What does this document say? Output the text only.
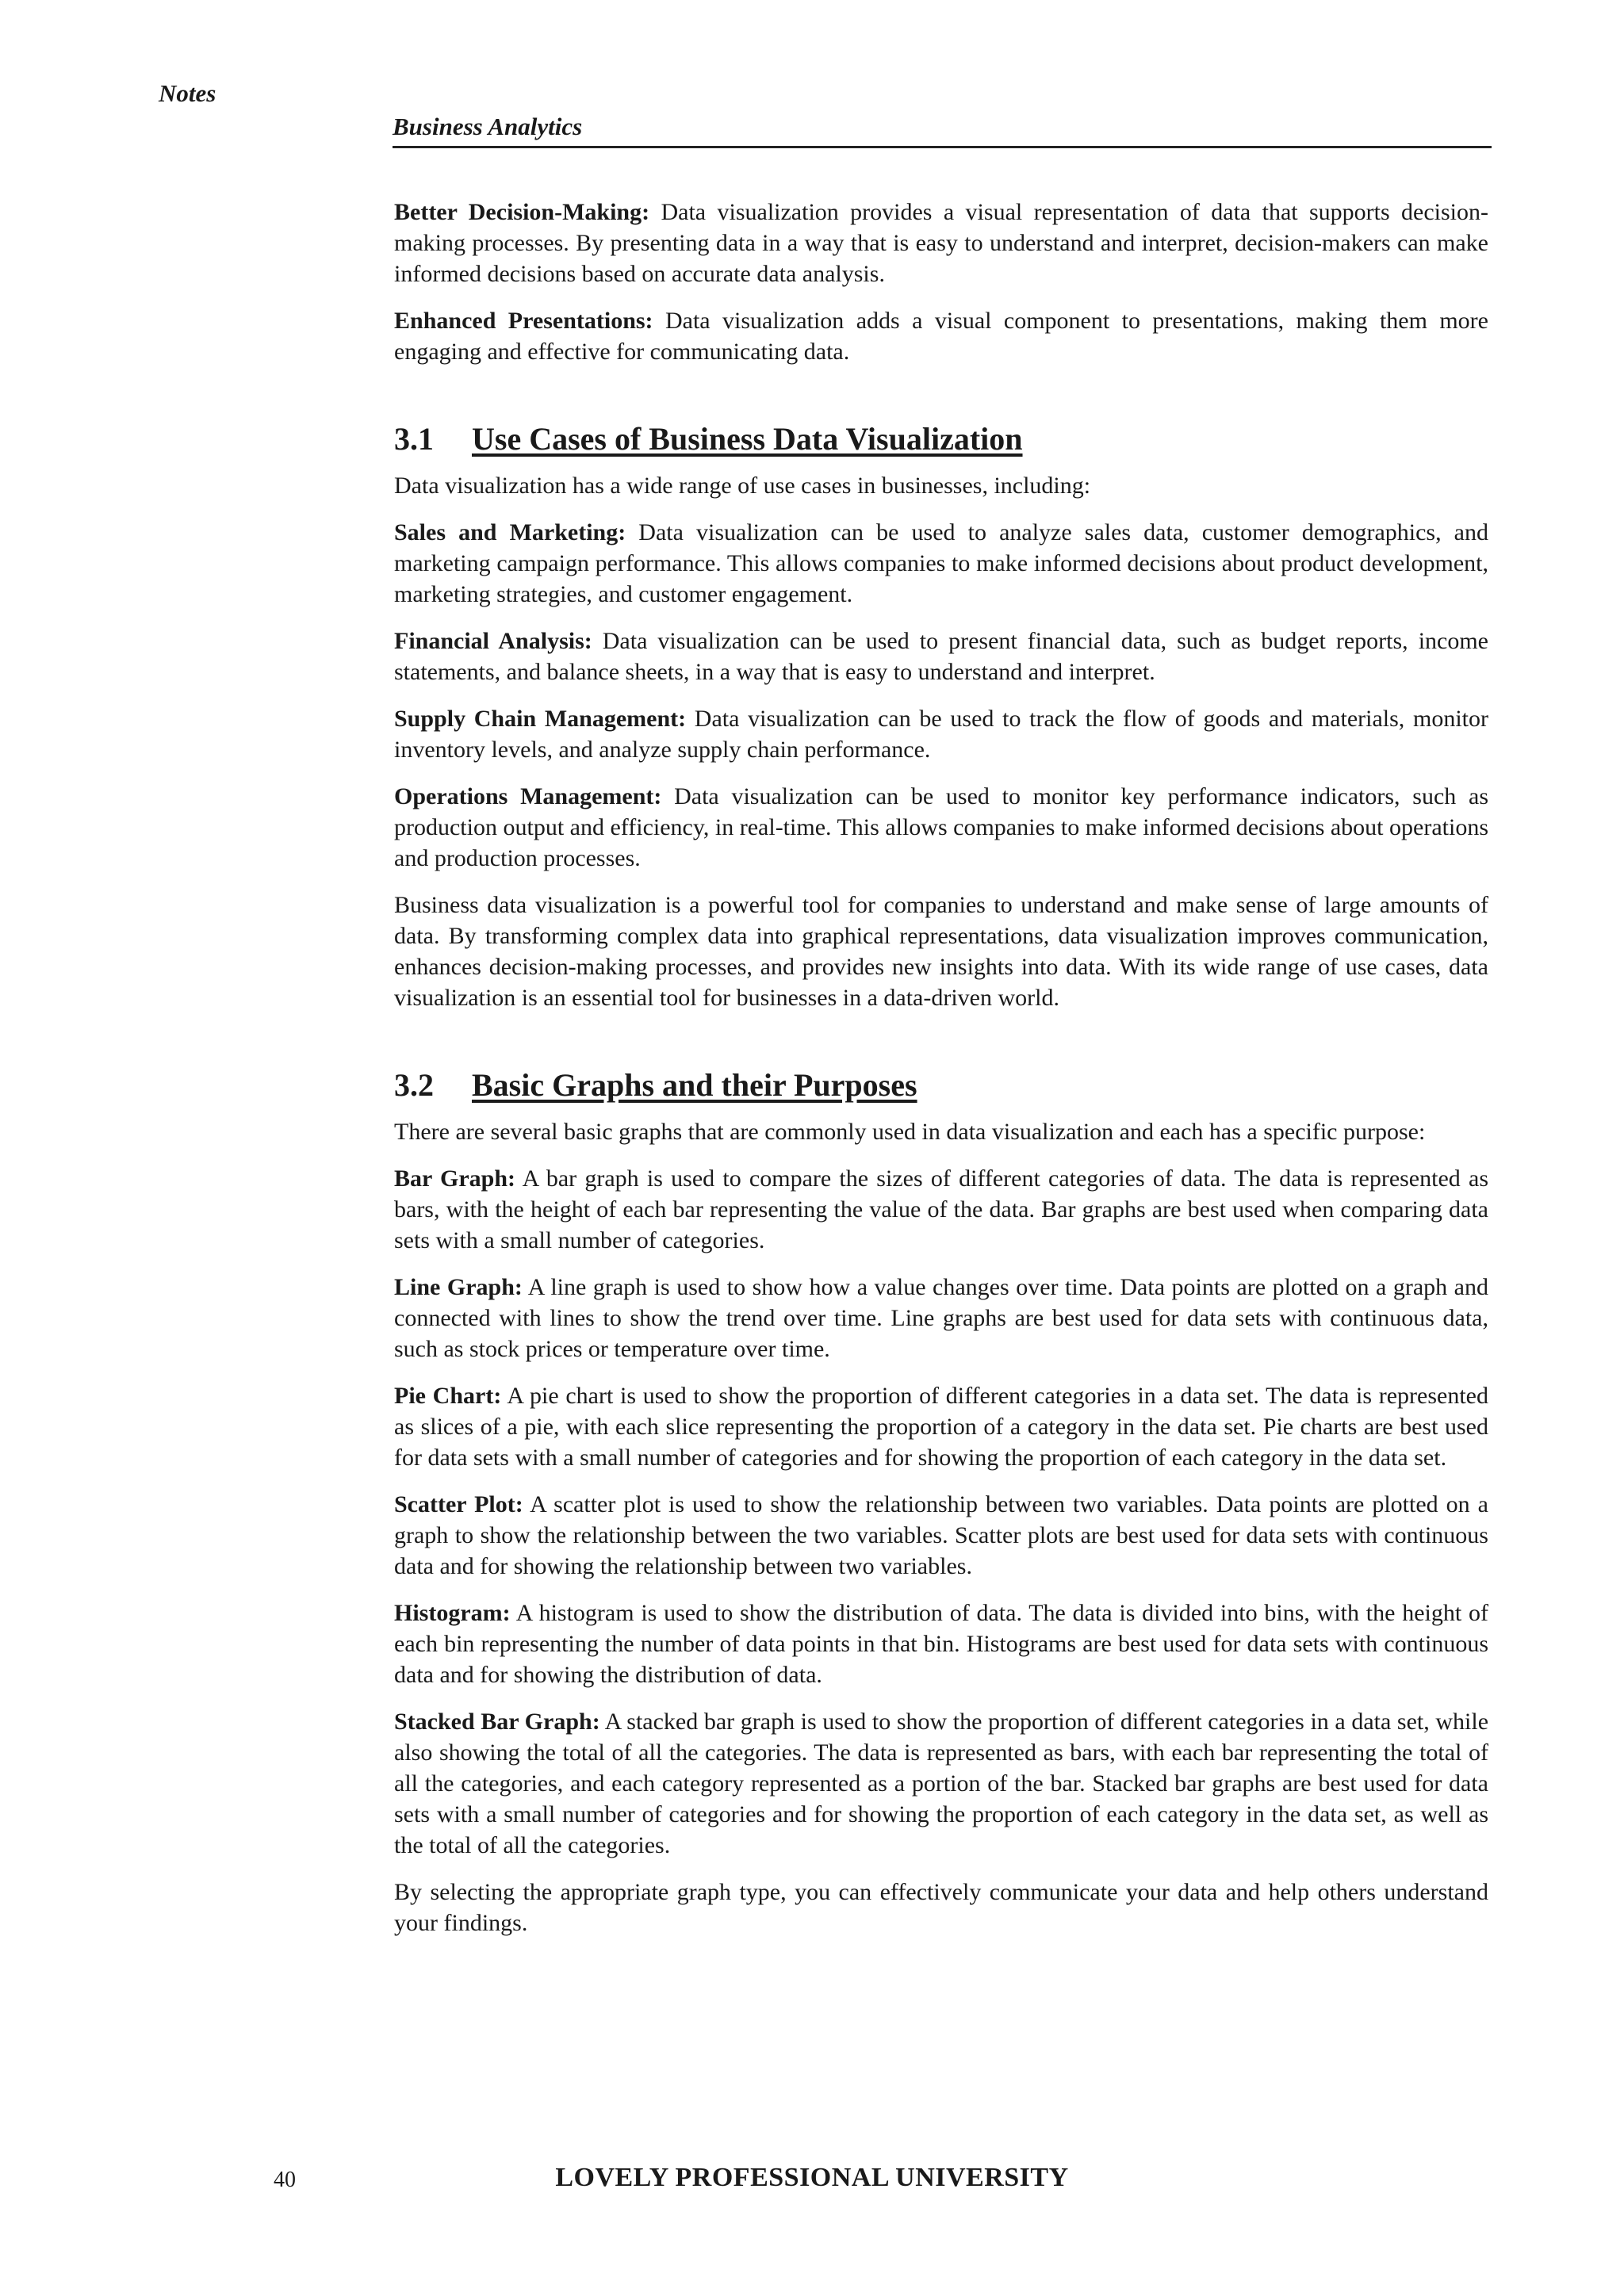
Notes
Business Analytics

Better Decision-Making: Data visualization provides a visual representation of data that supports decision-making processes. By presenting data in a way that is easy to understand and interpret, decision-makers can make informed decisions based on accurate data analysis.

Enhanced Presentations: Data visualization adds a visual component to presentations, making them more engaging and effective for communicating data.

3.1 Use Cases of Business Data Visualization

Data visualization has a wide range of use cases in businesses, including:

Sales and Marketing: Data visualization can be used to analyze sales data, customer demographics, and marketing campaign performance. This allows companies to make informed decisions about product development, marketing strategies, and customer engagement.

Financial Analysis: Data visualization can be used to present financial data, such as budget reports, income statements, and balance sheets, in a way that is easy to understand and interpret.

Supply Chain Management: Data visualization can be used to track the flow of goods and materials, monitor inventory levels, and analyze supply chain performance.

Operations Management: Data visualization can be used to monitor key performance indicators, such as production output and efficiency, in real-time. This allows companies to make informed decisions about operations and production processes.

Business data visualization is a powerful tool for companies to understand and make sense of large amounts of data. By transforming complex data into graphical representations, data visualization improves communication, enhances decision-making processes, and provides new insights into data. With its wide range of use cases, data visualization is an essential tool for businesses in a data-driven world.

3.2 Basic Graphs and their Purposes

There are several basic graphs that are commonly used in data visualization and each has a specific purpose:

Bar Graph: A bar graph is used to compare the sizes of different categories of data. The data is represented as bars, with the height of each bar representing the value of the data. Bar graphs are best used when comparing data sets with a small number of categories.

Line Graph: A line graph is used to show how a value changes over time. Data points are plotted on a graph and connected with lines to show the trend over time. Line graphs are best used for data sets with continuous data, such as stock prices or temperature over time.

Pie Chart: A pie chart is used to show the proportion of different categories in a data set. The data is represented as slices of a pie, with each slice representing the proportion of a category in the data set. Pie charts are best used for data sets with a small number of categories and for showing the proportion of each category in the data set.

Scatter Plot: A scatter plot is used to show the relationship between two variables. Data points are plotted on a graph to show the relationship between the two variables. Scatter plots are best used for data sets with continuous data and for showing the relationship between two variables.

Histogram: A histogram is used to show the distribution of data. The data is divided into bins, with the height of each bin representing the number of data points in that bin. Histograms are best used for data sets with continuous data and for showing the distribution of data.

Stacked Bar Graph: A stacked bar graph is used to show the proportion of different categories in a data set, while also showing the total of all the categories. The data is represented as bars, with each bar representing the total of all the categories, and each category represented as a portion of the bar. Stacked bar graphs are best used for data sets with a small number of categories and for showing the proportion of each category in the data set, as well as the total of all the categories.

By selecting the appropriate graph type, you can effectively communicate your data and help others understand your findings.

40	LOVELY PROFESSIONAL UNIVERSITY
